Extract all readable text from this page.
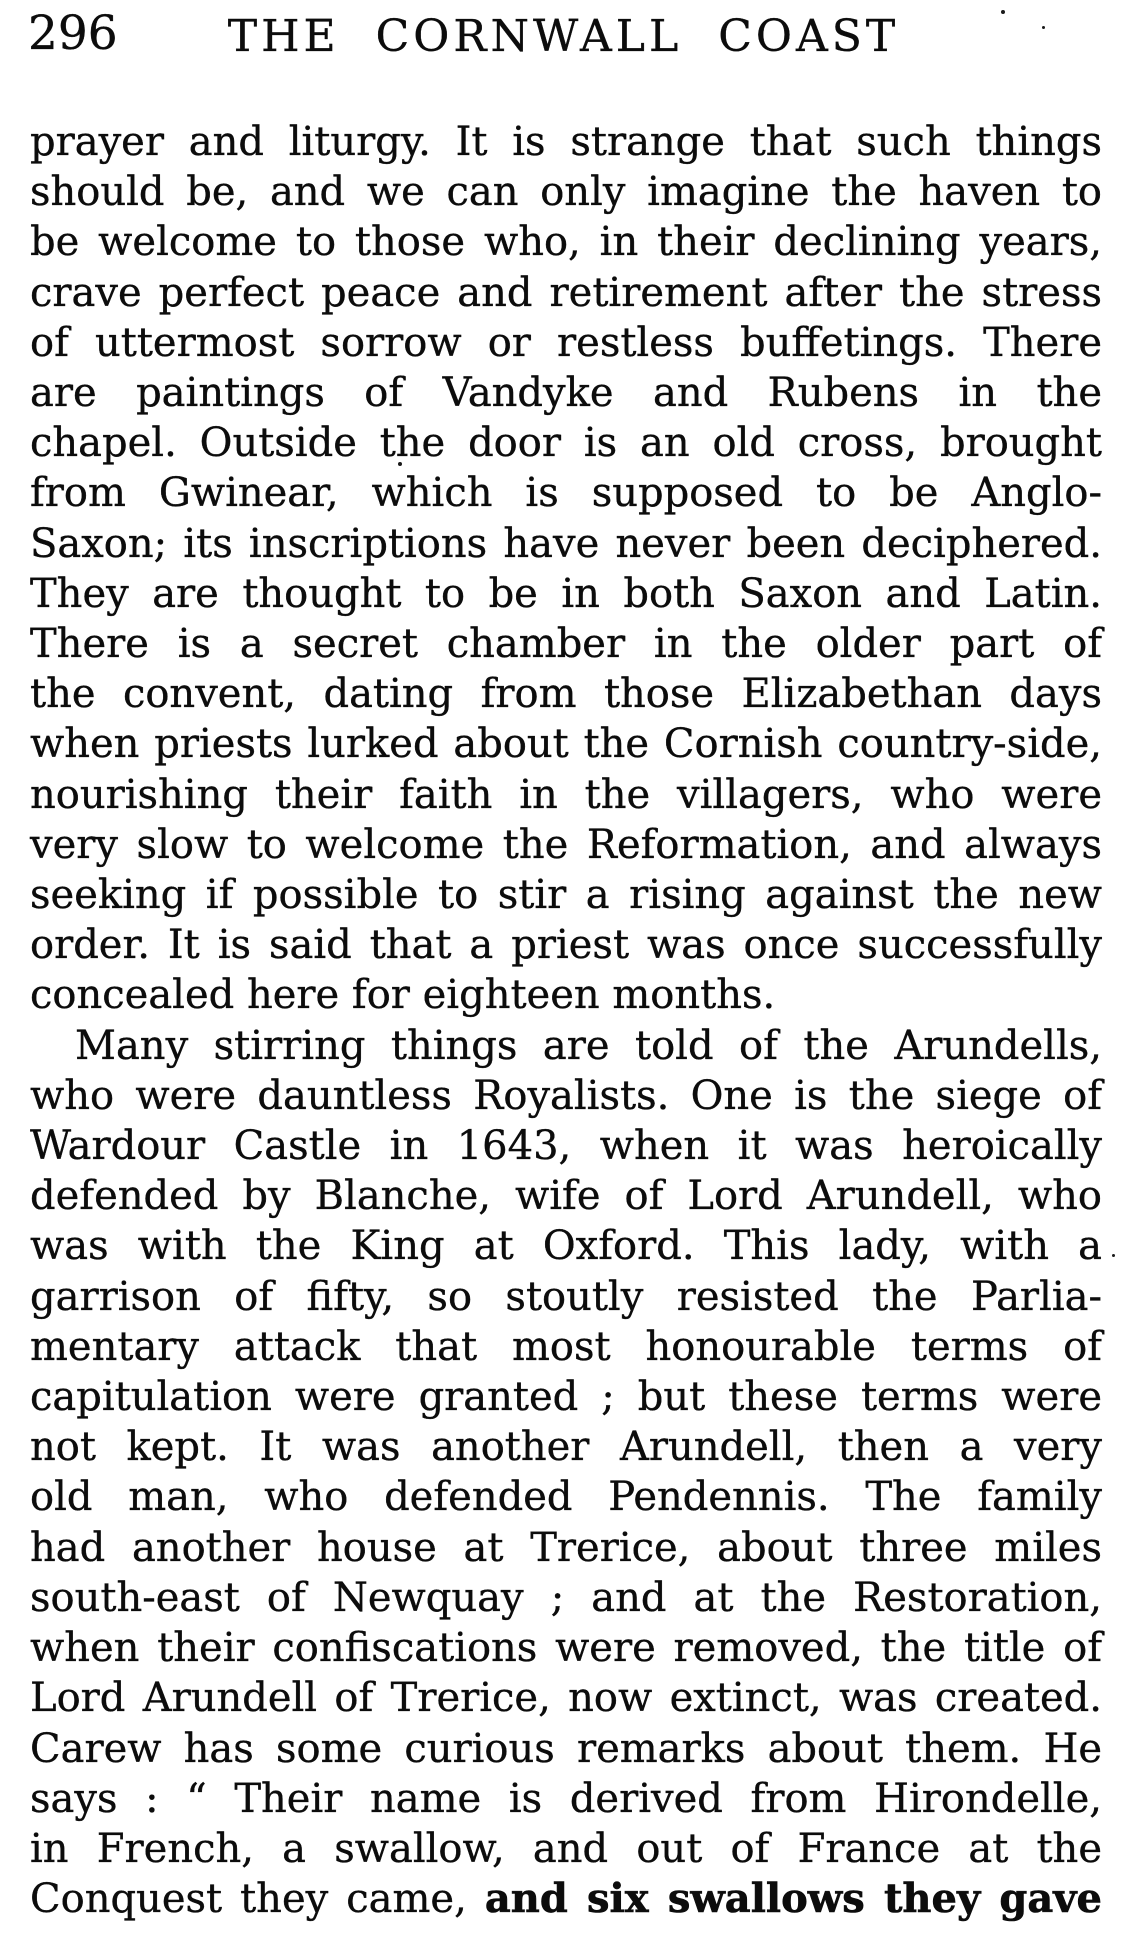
296	THE CORNWALL COAST
prayer and liturgy. It is strange that such things
should be, and we can only imagine the haven to
be welcome to those who, in their declining years,
crave perfect peace and retirement after the stress
of uttermost sorrow or restless buffetings. There
are paintings of Vandyke and Rubens in the
chapel. Outside the door is an old cross, brought
from Gwinear, which is supposed to be Anglo-
Saxon; its inscriptions have never been deciphered.
They are thought to be in both Saxon and Latin.
There is a secret chamber in the older part of
the convent, dating from those Elizabethan days
when priests lurked about the Cornish country-side,
nourishing their faith in the villagers, who were
very slow to welcome the Reformation, and always
seeking if possible to stir a rising against the new
order. It is said that a priest was once successfully
concealed here for eighteen months.
Many stirring things are told of the Arundells,
who were dauntless Royalists. One is the siege of
Wardour Castle in 1643, when it was heroically
defended by Blanche, wife of Lord Arundell, who
was with the King at Oxford. This lady, with a
garrison of fifty, so stoutly resisted the Parlia-
mentary attack that most honourable terms of
capitulation were granted ; but these terms were
not kept. It was another Arundell, then a very
old man, who defended Pendennis. The family
had another house at Trerice, about three miles
south-east of Newquay ; and at the Restoration,
when their confiscations were removed, the title of
Lord Arundell of Trerice, now extinct, was created.
Carew has some curious remarks about them. He
says : “ Their name is derived from Hirondelle,
in French, a swallow, and out of France at the
Conquest they came, and six swallows they gave
